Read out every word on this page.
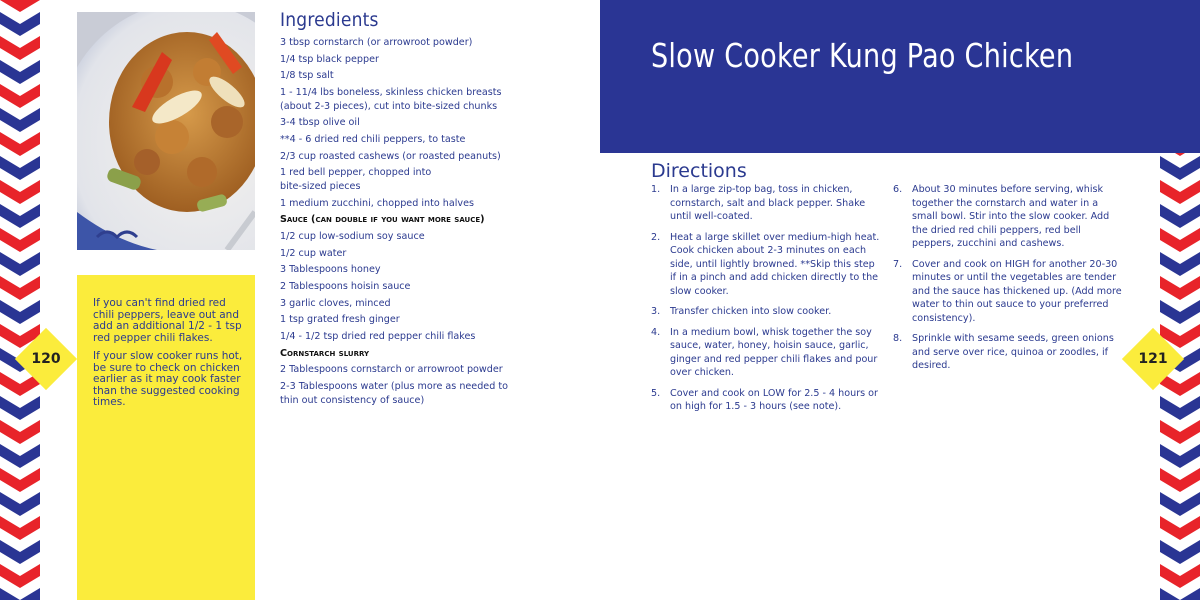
If you can't find dried red chili peppers, leave out and add an additional 1/2 - 1 tsp red pepper chili flakes.

If your slow cooker runs hot, be sure to check on chicken earlier as it may cook faster than the suggested cooking times.

120	121
Ingredients
3 tbsp cornstarch (or arrowroot powder)
1/4 tsp black pepper
1/8 tsp salt
1 - 11/4 lbs boneless, skinless chicken breasts (about 2-3 pieces), cut into bite-sized chunks
3-4 tbsp olive oil
**4 - 6 dried red chili peppers, to taste
2/3 cup roasted cashews (or roasted peanuts)
1 red bell pepper, chopped into bite-sized pieces
1 medium zucchini, chopped into halves
Sauce (can double if you want more sauce)
1/2 cup low-sodium soy sauce
1/2 cup water
3 Tablespoons honey
2 Tablespoons hoisin sauce
3 garlic cloves, minced
1 tsp grated fresh ginger
1/4 - 1/2 tsp dried red pepper chili flakes
Cornstarch slurry
2 Tablespoons cornstarch or arrowroot powder
2-3 Tablespoons water (plus more as needed to thin out consistency of sauce)
Slow Cooker Kung Pao Chicken
Directions
1.	In a large zip-top bag, toss in chicken, cornstarch, salt and black pepper. Shake until well-coated.
2.	Heat a large skillet over medium-high heat. Cook chicken about 2-3 minutes on each side, until lightly browned. **Skip this step if in a pinch and add chicken directly to the slow cooker.
3.	Transfer chicken into slow cooker.
4.	In a medium bowl, whisk together the soy sauce, water, honey, hoisin sauce, garlic, ginger and red pepper chili flakes and pour over chicken.
5.	Cover and cook on LOW for 2.5 - 4 hours or on high for 1.5 - 3 hours (see note).
6.	About 30 minutes before serving, whisk together the cornstarch and water in a small bowl. Stir into the slow cooker. Add the dried red chili peppers, red bell peppers, zucchini and cashews.
7.	Cover and cook on HIGH for another 20-30 minutes or until the vegetables are tender and the sauce has thickened up. (Add more water to thin out sauce to your preferred consistency).
8.	Sprinkle with sesame seeds, green onions and serve over rice, quinoa or zoodles, if desired.
